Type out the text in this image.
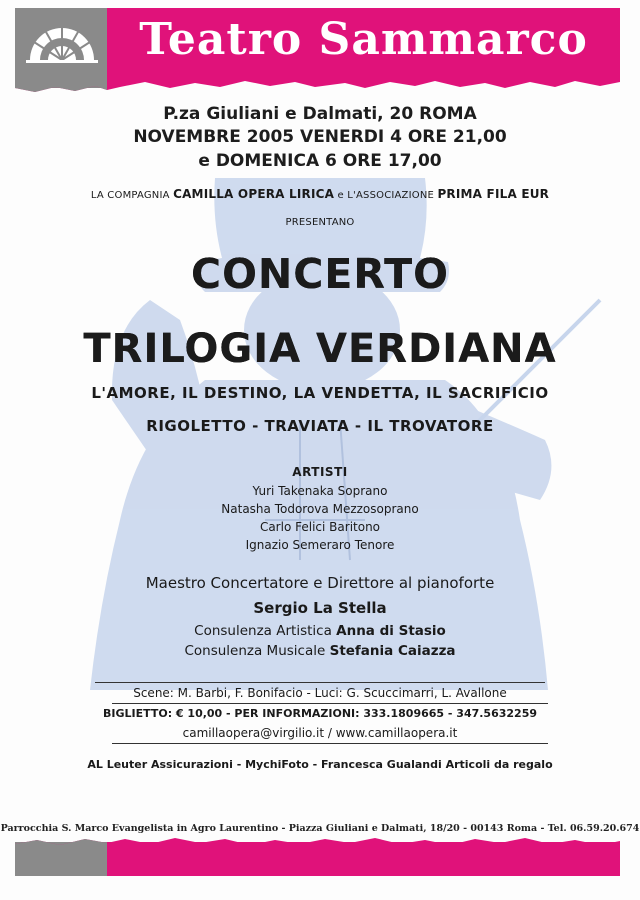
Teatro Sammarco
P.za Giuliani e Dalmati, 20 ROMA
NOVEMBRE 2005 VENERDI 4 ORE 21,00
e DOMENICA 6 ORE 17,00
LA COMPAGNIA CAMILLA OPERA LIRICA e L'ASSOCIAZIONE PRIMA FILA EUR
PRESENTANO
CONCERTO
TRILOGIA VERDIANA
L'AMORE, IL DESTINO, LA VENDETTA, IL SACRIFICIO
RIGOLETTO - TRAVIATA - IL TROVATORE
ARTISTI
Yuri Takenaka Soprano
Natasha Todorova Mezzosoprano
Carlo Felici Baritono
Ignazio Semeraro Tenore
Maestro Concertatore e Direttore al pianoforte
Sergio La Stella
Consulenza Artistica Anna di Stasio
Consulenza Musicale Stefania Caiazza
Scene: M. Barbi, F. Bonifacio - Luci: G. Scuccimarri, L. Avallone
BIGLIETTO: € 10,00 - PER INFORMAZIONI: 333.1809665 - 347.5632259
camillaopera@virgilio.it / www.camillaopera.it
AL Leuter Assicurazioni - MychiFoto - Francesca Gualandi Articoli da regalo
Parrocchia S. Marco Evangelista in Agro Laurentino - Piazza Giuliani e Dalmati, 18/20 - 00143 Roma - Tel. 06.59.20.674
